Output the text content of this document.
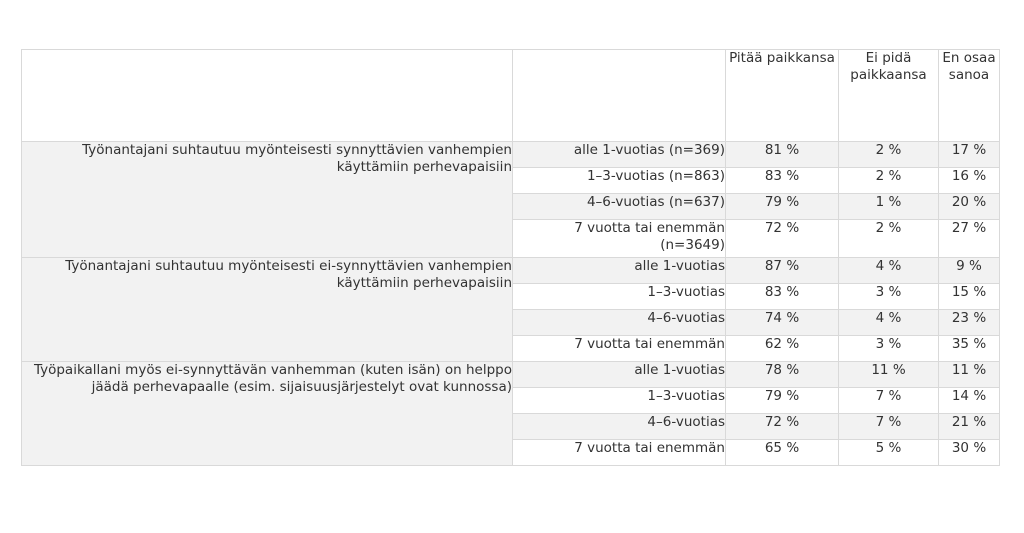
		Pitää paikkansa	Ei pidä paikkaansa	En osaa sanoa
Työnantajani suhtautuu myönteisesti synnyttävien vanhempien käyttämiin perhevapaisiin	alle 1-vuotias (n=369)	81 %	2 %	17 %
	1–3-vuotias (n=863)	83 %	2 %	16 %
	4–6-vuotias (n=637)	79 %	1 %	20 %
	7 vuotta tai enemmän (n=3649)	72 %	2 %	27 %
Työnantajani suhtautuu myönteisesti ei-synnyttävien vanhempien käyttämiin perhevapaisiin	alle 1-vuotias	87 %	4 %	9 %
	1–3-vuotias	83 %	3 %	15 %
	4–6-vuotias	74 %	4 %	23 %
	7 vuotta tai enemmän	62 %	3 %	35 %
Työpaikallani myös ei-synnyttävän vanhemman (kuten isän) on helppo jäädä perhevapaalle (esim. sijaisuusjärjestelyt ovat kunnossa)	alle 1-vuotias	78 %	11 %	11 %
	1–3-vuotias	79 %	7 %	14 %
	4–6-vuotias	72 %	7 %	21 %
	7 vuotta tai enemmän	65 %	5 %	30 %
